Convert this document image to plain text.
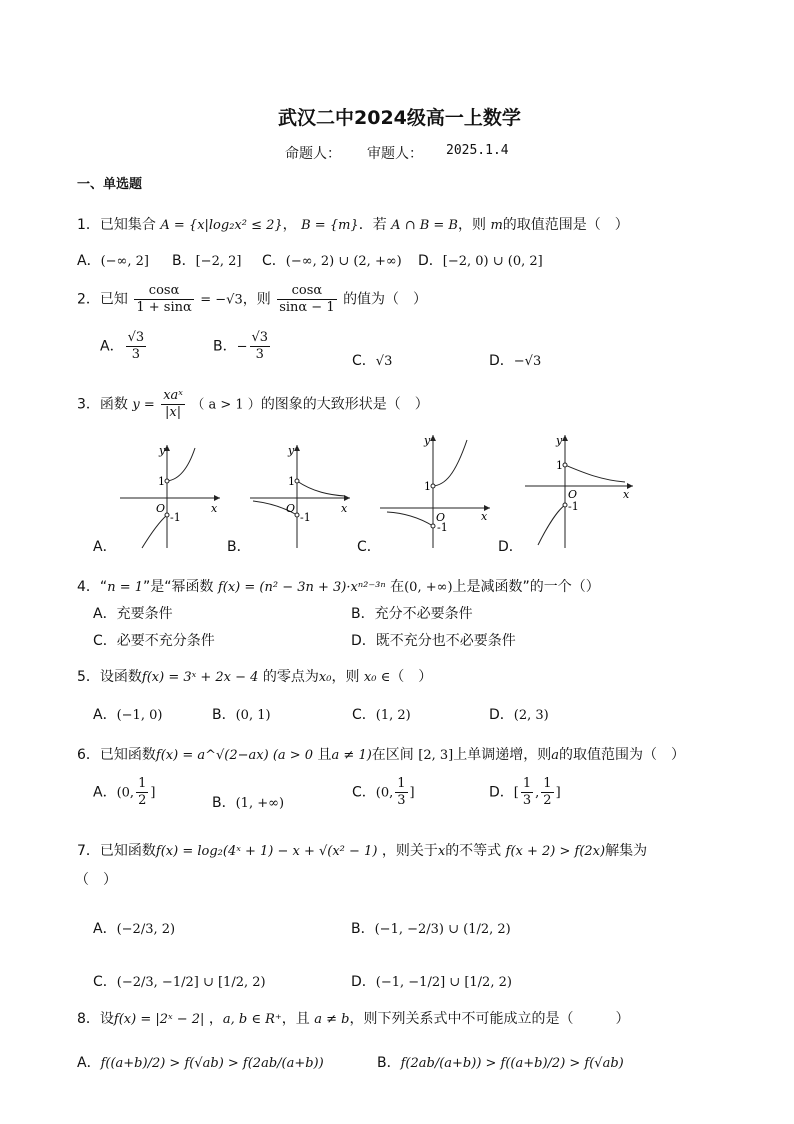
武汉二中2024级高一上数学
命题人： 审题人： 2025.1.4
一、单选题
1．已知集合 A = {x|log₂x² ≤ 2}， B = {m}．若 A ∩ B = B，则 m的取值范围是（　）
A．(−∞, 2] B．[−2, 2] C．(−∞, 2) ∪ (2, +∞) D．[−2, 0) ∪ (0, 2]
2．已知 $\frac{\cos\alpha}{1 + \sin\alpha} = -√3$，则 $\frac{\cos\alpha}{\sin\alpha - 1}$ 的值为（　）
A． $\frac{√3}{3}$	B．− $\frac{√3}{3}$	C．√3	D．−√3
3．函数 $y = \frac{\text{xaˣ}}{|x|}$ （ a > 1 ）的图象的大致形状是（　）
y
x
O
1
-1
y
x
O
1
-1
y
x
O
1
-1
y
x
O
1
-1
A．	B．	C．	D．
4．“n = 1”是“幂函数 f(x) = (n² − 3n + 3)·xⁿ²⁻³ⁿ 在(0, +∞)上是减函数”的一个（）
A．充要条件	B．充分不必要条件
C．必要不充分条件	D．既不充分也不必要条件
5．设函数f(x) = 3ˣ + 2x − 4 的零点为x₀，则 x₀ ∈（　）
A．(−1, 0)	B．(0, 1)	C．(1, 2)	D．(2, 3)
6．已知函数f(x) = a^√(2−ax) (a > 0 且a ≠ 1)在区间 [2, 3]上单调递增，则a的取值范围为（　）
A．(0, $\frac{1}{2}$ ]
B．(1, +∞)
C．(0, $\frac{1}{3}$ ]	D．[ $\frac{1}{3}$ , $\frac{1}{2}$ ]
7．已知函数f(x) = log₂(4ˣ + 1) − x + √(x² − 1) ，则关于x的不等式 f(x + 2) > f(2x)解集为
（　）
A．(−2/3, 2)	B．(−1, −2/3) ∪ (1/2, 2)
C．(−2/3, −1/2] ∪ [1/2, 2)	D．(−1, −1/2] ∪ [1/2, 2)
8．设f(x) = |2ˣ − 2| ，a, b ∈ R⁺，且 a ≠ b，则下列关系式中不可能成立的是（　　　）
A．f((a+b)/2) > f(√ab) > f(2ab/(a+b))	B．f(2ab/(a+b)) > f((a+b)/2) > f(√ab)
